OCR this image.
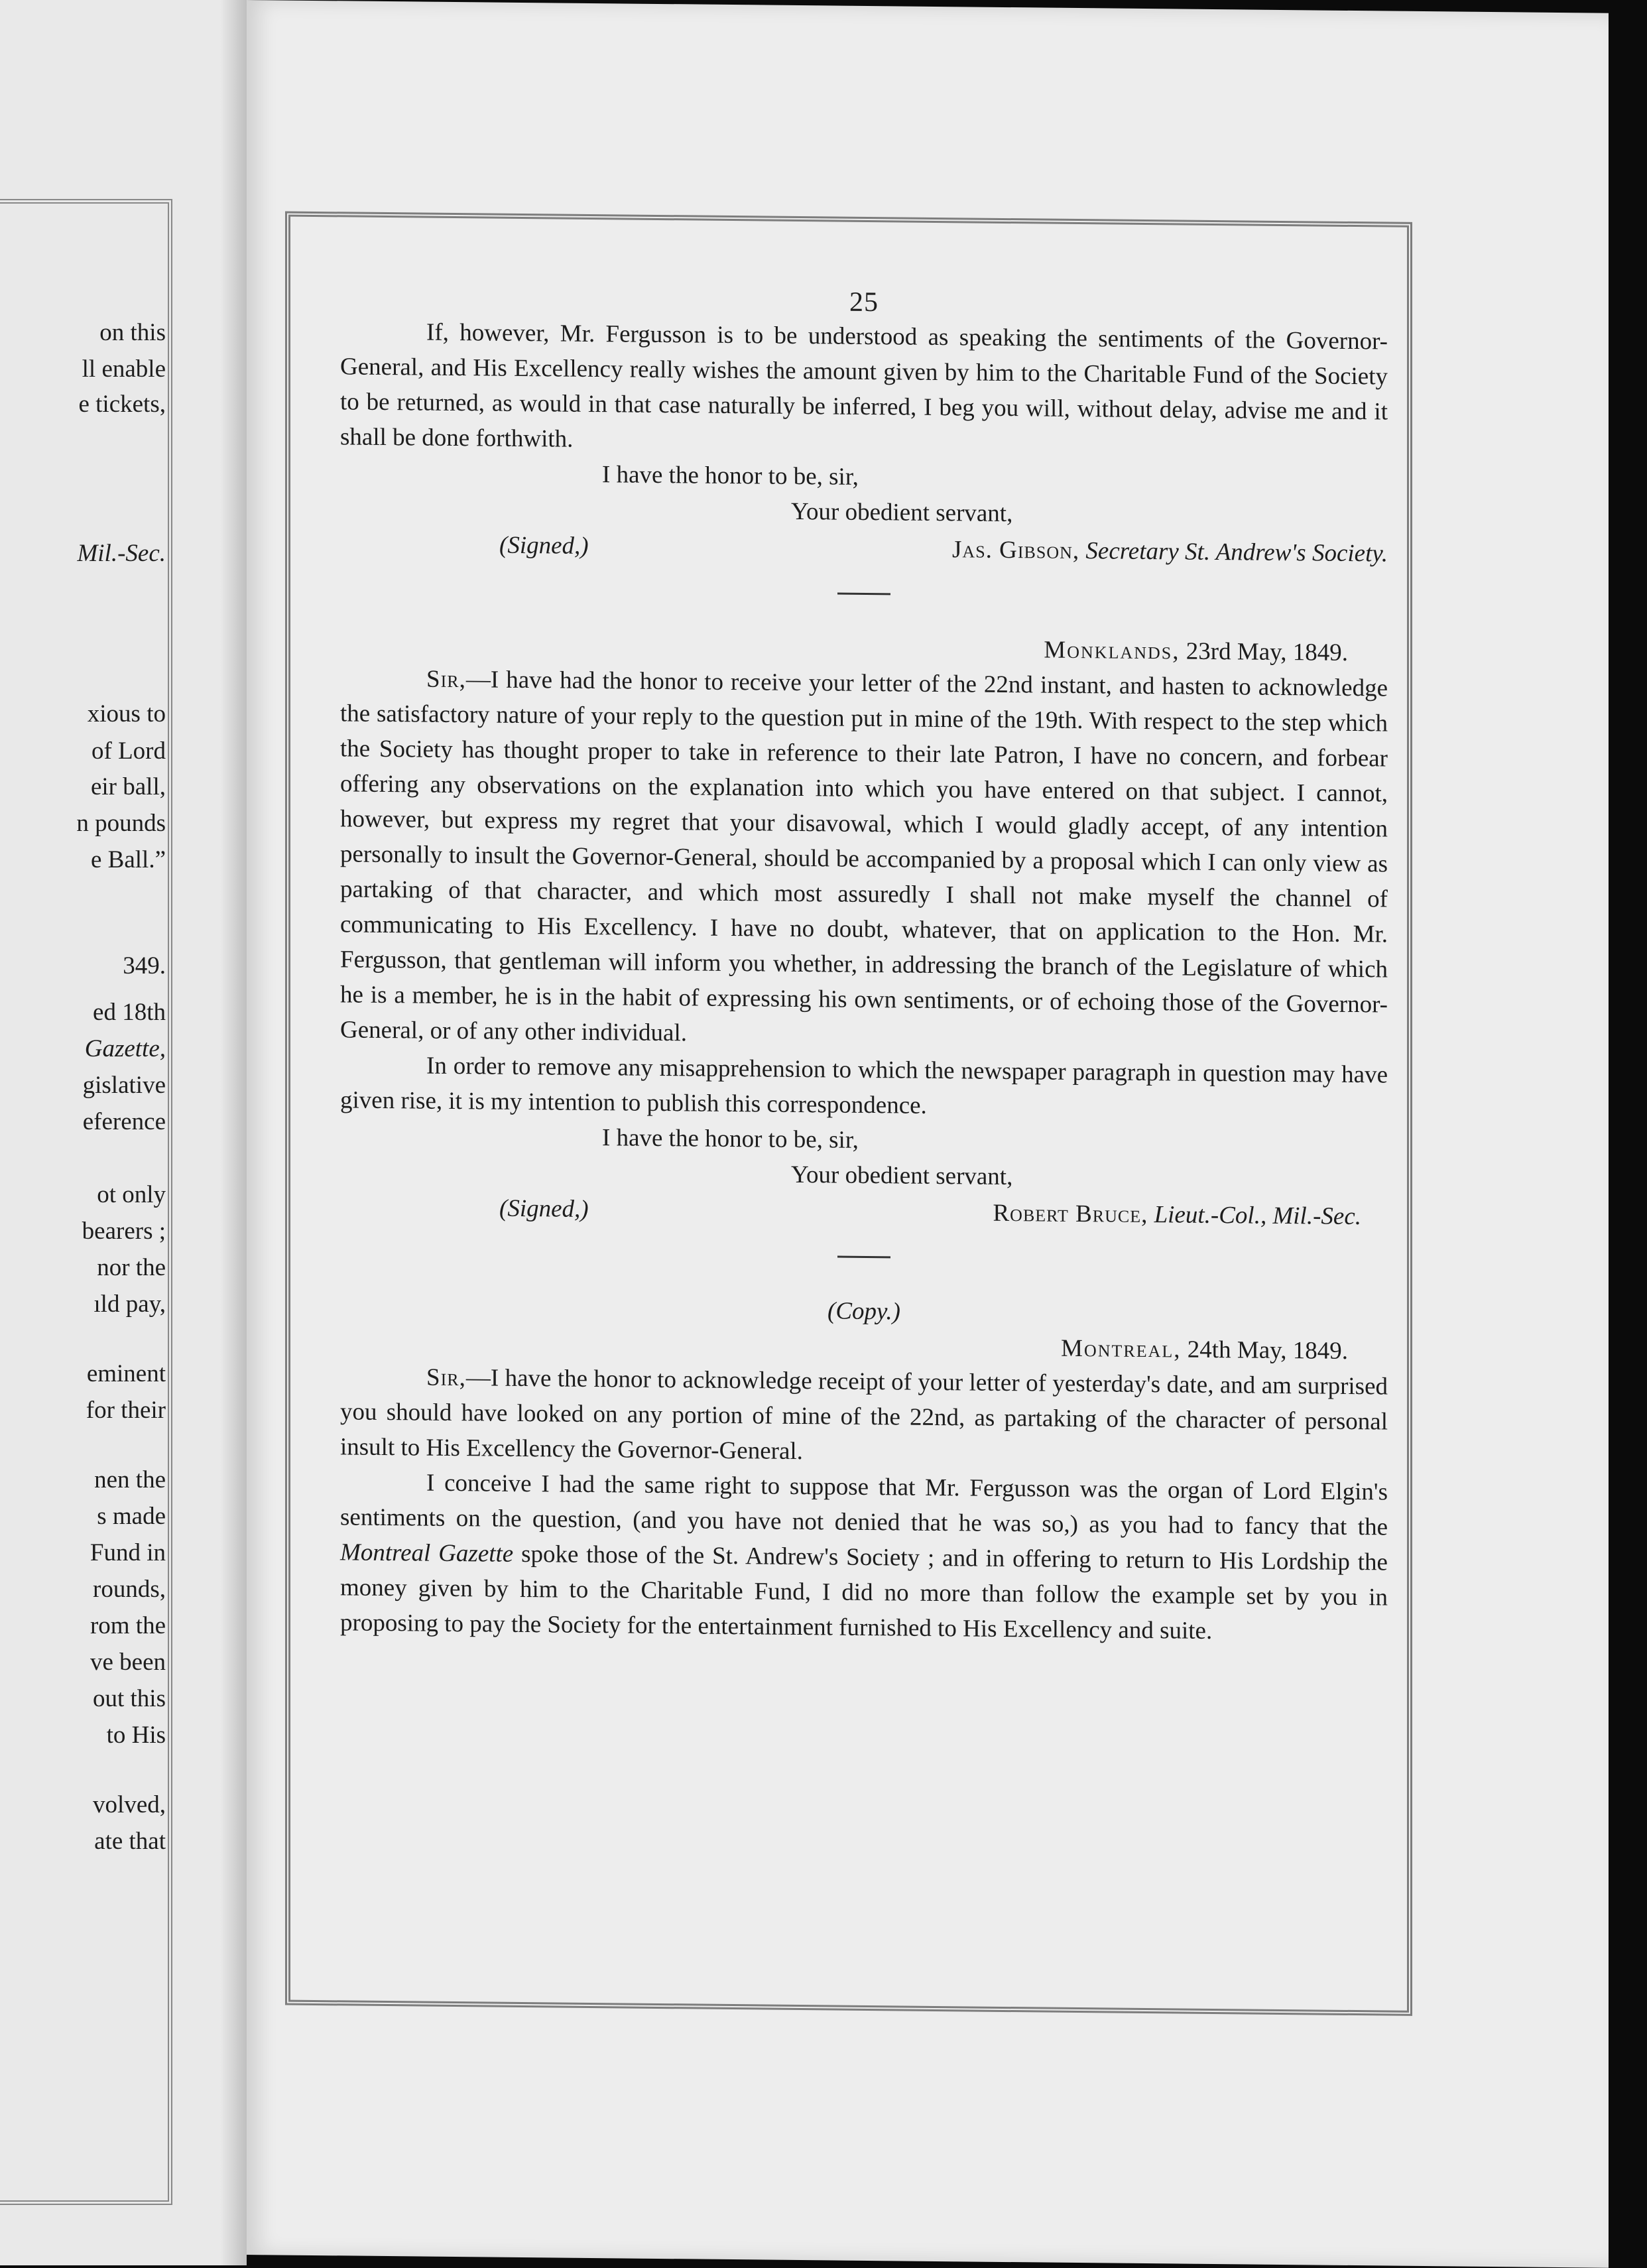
on this
ll enable
e tickets,
Mil.-Sec.
xious to
of Lord
eir ball,
n pounds
e Ball.”
349.
ed 18th
Gazette,
gislative
eference
ot only
bearers ;
nor the
ıld pay,
eminent
for their
nen the
s made
Fund in
rounds,
rom the
ve been
out this
to His
volved,
ate that
25

If, however, Mr. Fergusson is to be understood as speaking the sentiments of the Governor-General, and His Excellency really wishes the amount given by him to the Charitable Fund of the Society to be returned, as would in that case naturally be inferred, I beg you will, without delay, advise me and it shall be done forthwith.

I have the honor to be, sir,
Your obedient servant,
(Signed,)	Jas. Gibson, Secretary St. Andrew's Society.
Monklands, 23rd May, 1849.

Sir,—I have had the honor to receive your letter of the 22nd instant, and hasten to acknowledge the satisfactory nature of your reply to the question put in mine of the 19th. With respect to the step which the Society has thought proper to take in reference to their late Patron, I have no concern, and forbear offering any observations on the explanation into which you have entered on that subject. I cannot, however, but express my regret that your disavowal, which I would gladly accept, of any intention personally to insult the Governor-General, should be accompanied by a proposal which I can only view as partaking of that character, and which most assuredly I shall not make myself the channel of communicating to His Excellency. I have no doubt, whatever, that on application to the Hon. Mr. Fergusson, that gentleman will inform you whether, in addressing the branch of the Legislature of which he is a member, he is in the habit of expressing his own sentiments, or of echoing those of the Governor-General, or of any other individual.

In order to remove any misapprehension to which the newspaper paragraph in question may have given rise, it is my intention to publish this correspondence.

I have the honor to be, sir,
Your obedient servant,
(Signed,)	Robert Bruce, Lieut.-Col., Mil.-Sec.
(Copy.)
Montreal, 24th May, 1849.

Sir,—I have the honor to acknowledge receipt of your letter of yesterday's date, and am surprised you should have looked on any portion of mine of the 22nd, as partaking of the character of personal insult to His Excellency the Governor-General.

I conceive I had the same right to suppose that Mr. Fergusson was the organ of Lord Elgin's sentiments on the question, (and you have not denied that he was so,) as you had to fancy that the Montreal Gazette spoke those of the St. Andrew's Society ; and in offering to return to His Lordship the money given by him to the Charitable Fund, I did no more than follow the example set by you in proposing to pay the Society for the entertainment furnished to His Excellency and suite.
